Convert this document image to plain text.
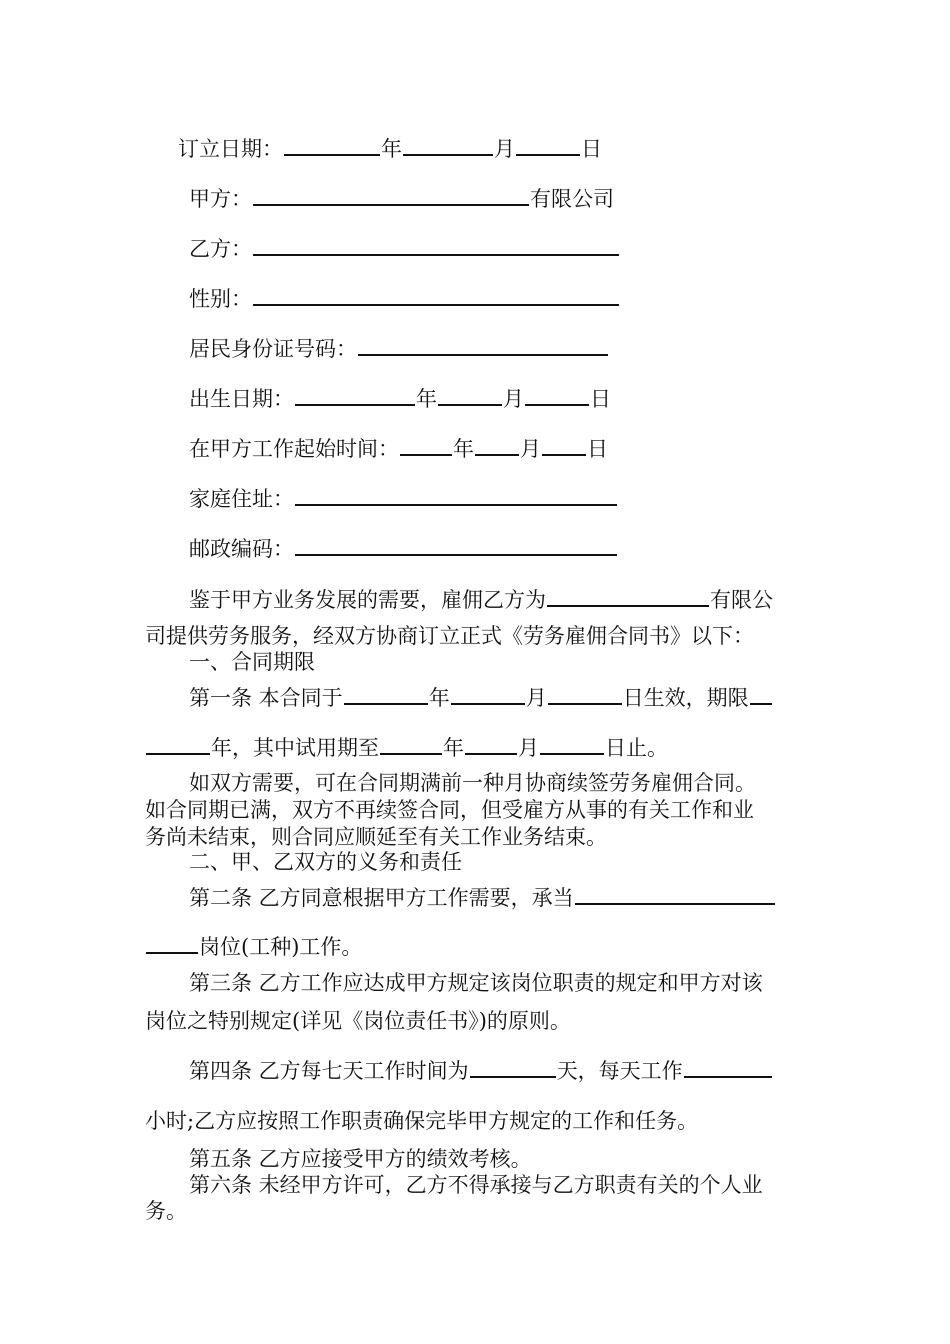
订立日期：	年	月	日
甲方：	有限公司
乙方：
性别：
居民身份证号码：
出生日期：	年	月	日
在甲方工作起始时间：	年 月 日
家庭住址：
邮政编码：
鉴于甲方业务发展的需要，雇佣乙方为	有限公
司提供劳务服务，经双方协商订立正式《劳务雇佣合同书》以下：
一、合同期限
第一条 本合同于	年	月	日生效，期限
年，其中试用期至	年	月	日止。
如双方需要，可在合同期满前一种月协商续签劳务雇佣合同。
如合同期已满，双方不再续签合同，但受雇方从事的有关工作和业
务尚未结束，则合同应顺延至有关工作业务结束。
二、甲、乙双方的义务和责任
第二条 乙方同意根据甲方工作需要，承当
岗位(工种)工作。
第三条 乙方工作应达成甲方规定该岗位职责的规定和甲方对该
岗位之特别规定(详见《岗位责任书》)的原则。
第四条 乙方每七天工作时间为	天，每天工作
小时;乙方应按照工作职责确保完毕甲方规定的工作和任务。
第五条 乙方应接受甲方的绩效考核。
第六条 未经甲方许可，乙方不得承接与乙方职责有关的个人业
务。
